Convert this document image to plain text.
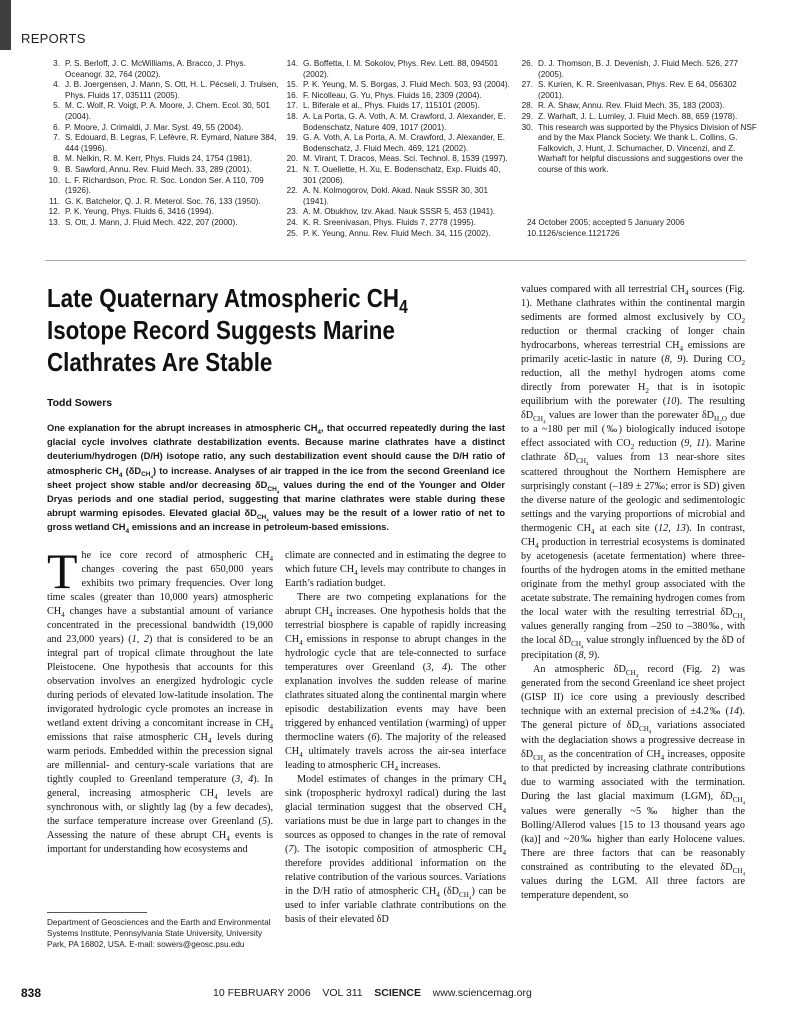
REPORTS
3. P. S. Berloff, J. C. McWilliams, A. Bracco, J. Phys. Oceanogr. 32, 764 (2002).
4. J. B. Joergensen, J. Mann, S. Ott, H. L. Pécseli, J. Trulsen, Phys. Fluids 17, 035111 (2005).
5. M. C. Wolf, R. Voigt, P. A. Moore, J. Chem. Ecol. 30, 501 (2004).
6. P. Moore, J. Crimaldi, J. Mar. Syst. 49, 55 (2004).
7. S. Edouard, B. Legras, F. Lefèvre, R. Eymard, Nature 384, 444 (1996).
8. M. Nelkin, R. M. Kerr, Phys. Fluids 24, 1754 (1981).
9. B. Sawford, Annu. Rev. Fluid Mech. 33, 289 (2001).
10. L. F. Richardson, Proc. R. Soc. London Ser. A 110, 709 (1926).
11. G. K. Batchelor, Q. J. R. Meterol. Soc. 76, 133 (1950).
12. P. K. Yeung, Phys. Fluids 6, 3416 (1994).
13. S. Ott, J. Mann, J. Fluid Mech. 422, 207 (2000).
14. G. Boffetta, I. M. Sokolov, Phys. Rev. Lett. 88, 094501 (2002).
15. P. K. Yeung, M. S. Borgas, J. Fluid Mech. 503, 93 (2004).
16. F. Nicolleau, G. Yu, Phys. Fluids 16, 2309 (2004).
17. L. Biferale et al., Phys. Fluids 17, 115101 (2005).
18. A. La Porta, G. A. Voth, A. M. Crawford, J. Alexander, E. Bodenschatz, Nature 409, 1017 (2001).
19. G. A. Voth, A. La Porta, A. M. Crawford, J. Alexander, E. Bodenschatz, J. Fluid Mech. 469, 121 (2002).
20. M. Virant, T. Dracos, Meas. Sci. Technol. 8, 1539 (1997).
21. N. T. Ouellette, H. Xu, E. Bodenschatz, Exp. Fluids 40, 301 (2006).
22. A. N. Kolmogorov, Dokl. Akad. Nauk SSSR 30, 301 (1941).
23. A. M. Obukhov, Izv. Akad. Nauk SSSR 5, 453 (1941).
24. K. R. Sreenivasan, Phys. Fluids 7, 2778 (1995).
25. P. K. Yeung, Annu. Rev. Fluid Mech. 34, 115 (2002).
26. D. J. Thomson, B. J. Devenish, J. Fluid Mech. 526, 277 (2005).
27. S. Kurien, K. R. Sreenivasan, Phys. Rev. E 64, 056302 (2001).
28. R. A. Shaw, Annu. Rev. Fluid Mech. 35, 183 (2003).
29. Z. Warhaft, J. L. Lumley, J. Fluid Mech. 88, 659 (1978).
30. This research was supported by the Physics Division of NSF and by the Max Planck Society. We thank L. Collins, G. Falkovich, J. Hunt, J. Schumacher, D. Vincenzi, and Z. Warhaft for helpful discussions and suggestions over the course of this work.
24 October 2005; accepted 5 January 2006
10.1126/science.1121726
Late Quaternary Atmospheric $CH_4$
Isotope Record Suggests Marine
Clathrates Are Stable
Todd Sowers
One explanation for the abrupt increases in atmospheric $CH_4$, that occurred repeatedly during the last glacial cycle involves clathrate destabilization events. Because marine clathrates have a distinct deuterium/hydrogen (D/H) isotope ratio, any such destabilization event should cause the D/H ratio of atmospheric $CH_4$ $(\delta D_{CH_4})$ to increase. Analyses of air trapped in the ice from the second Greenland ice sheet project show stable and/or decreasing $\delta D_{CH_4}$ values during the end of the Younger and Older Dryas periods and one stadial period, suggesting that marine clathrates were stable during these abrupt warming episodes. Elevated glacial $\delta D_{CH_4}$ values may be the result of a lower ratio of net to gross wetland $CH_4$ emissions and an increase in petroleum-based emissions.

The ice core record of atmospheric $CH_4$ changes covering the past 650,000 years exhibits two primary frequencies. Over long time scales (greater than 10,000 years) atmospheric $CH_4$ changes have a substantial amount of variance concentrated in the precessional bandwidth (19,000 and 23,000 years) (1, 2) that is considered to be an integral part of tropical climate throughout the late Pleistocene. One hypothesis that accounts for this observation involves an energized hydrologic cycle during periods of elevated low-latitude insolation. The invigorated hydrologic cycle promotes an increase in wetland extent driving a concomitant increase in $CH_4$ emissions that raise atmospheric $CH_4$ levels during warm periods. Embedded within the precession signal are millennial- and century-scale variations that are tightly coupled to Greenland temperature (3, 4). In general, increasing atmospheric $CH_4$ levels are synchronous with, or slightly lag (by a few decades), the surface temperature increase over Greenland (5). Assessing the nature of these abrupt $CH_4$ events is important for understanding how ecosystems and

climate are connected and in estimating the degree to which future $CH_4$ levels may contribute to changes in Earth’s radiation budget.

There are two competing explanations for the abrupt $CH_4$ increases. One hypothesis holds that the terrestrial biosphere is capable of rapidly increasing $CH_4$ emissions in response to abrupt changes in the hydrologic cycle that are tele-connected to surface temperatures over Greenland (3, 4). The other explanation involves the sudden release of marine clathrates situated along the continental margin where episodic destabilization events may have been triggered by enhanced ventilation (warming) of upper thermocline waters (6). The majority of the released $CH_4$ ultimately travels across the air-sea interface leading to atmospheric $CH_4$ increases.

Model estimates of changes in the primary $CH_4$ sink (tropospheric hydroxyl radical) during the last glacial termination suggest that the observed $CH_4$ variations must be due in large part to changes in the sources as opposed to changes in the rate of removal (7). The isotopic composition of atmospheric $CH_4$ therefore provides additional information on the relative contribution of the various sources. Variations in the D/H ratio of atmospheric $CH_4$ $(\delta D_{CH_4})$ can be used to infer variable clathrate contributions on the basis of their elevated δD

values compared with all terrestrial $CH_4$ sources (Fig. 1). Methane clathrates within the continental margin sediments are formed almost exclusively by $CO_2$ reduction or thermal cracking of longer chain hydrocarbons, whereas terrestrial $CH_4$ emissions are primarily acetic-lastic in nature (8, 9). During $CO_2$ reduction, all the methyl hydrogen atoms come directly from porewater $H_2$ that is in isotopic equilibrium with the porewater (10). The resulting $\delta D_{CH_4}$ values are lower than the porewater $\delta D_{H_2O}$ due to a ~180 per mil (‰) biologically induced isotope effect associated with $CO_2$ reduction (9, 11). Marine clathrate $\delta D_{CH_4}$ values from 13 near-shore sites scattered throughout the Northern Hemisphere are surprisingly constant (–189 ± 27‰; error is SD) given the diverse nature of the geologic and sedimentologic settings and the varying proportions of microbial and thermogenic $CH_4$ at each site (12, 13). In contrast, $CH_4$ production in terrestrial ecosystems is dominated by acetogenesis (acetate fermentation) where three-fourths of the hydrogen atoms in the emitted methane originate from the methyl group associated with the acetate substrate. The remaining hydrogen comes from the local water with the resulting terrestrial $\delta D_{CH_4}$ values generally ranging from –250 to –380‰, with the local $\delta D_{CH_4}$ value strongly influenced by the δD of precipitation (8, 9).

An atmospheric $\delta D_{CH_4}$ record (Fig. 2) was generated from the second Greenland ice sheet project (GISP II) ice core using a previously described technique with an external precision of ±4.2‰ (14). The general picture of $\delta D_{CH_4}$ variations associated with the deglaciation shows a progressive decrease in $\delta D_{CH_4}$ as the concentration of $CH_4$ increases, opposite to that predicted by increasing clathrate contributions due to warming associated with the termination. During the last glacial maximum (LGM), $\delta D_{CH_4}$ values were generally ~5‰ higher than the Bolling/Allerod values [15 to 13 thousand years ago (ka)] and ~20‰ higher than early Holocene values. There are three factors that can be reasonably constrained as contributing to the elevated $\delta D_{CH_4}$ values during the LGM. All three factors are temperature dependent, so

Department of Geosciences and the Earth and Environmental Systems Institute, Pennsylvania State University, University Park, PA 16802, USA. E-mail: sowers@geosc.psu.edu
838	10 FEBRUARY 2006 VOL 311 SCIENCE www.sciencemag.org
